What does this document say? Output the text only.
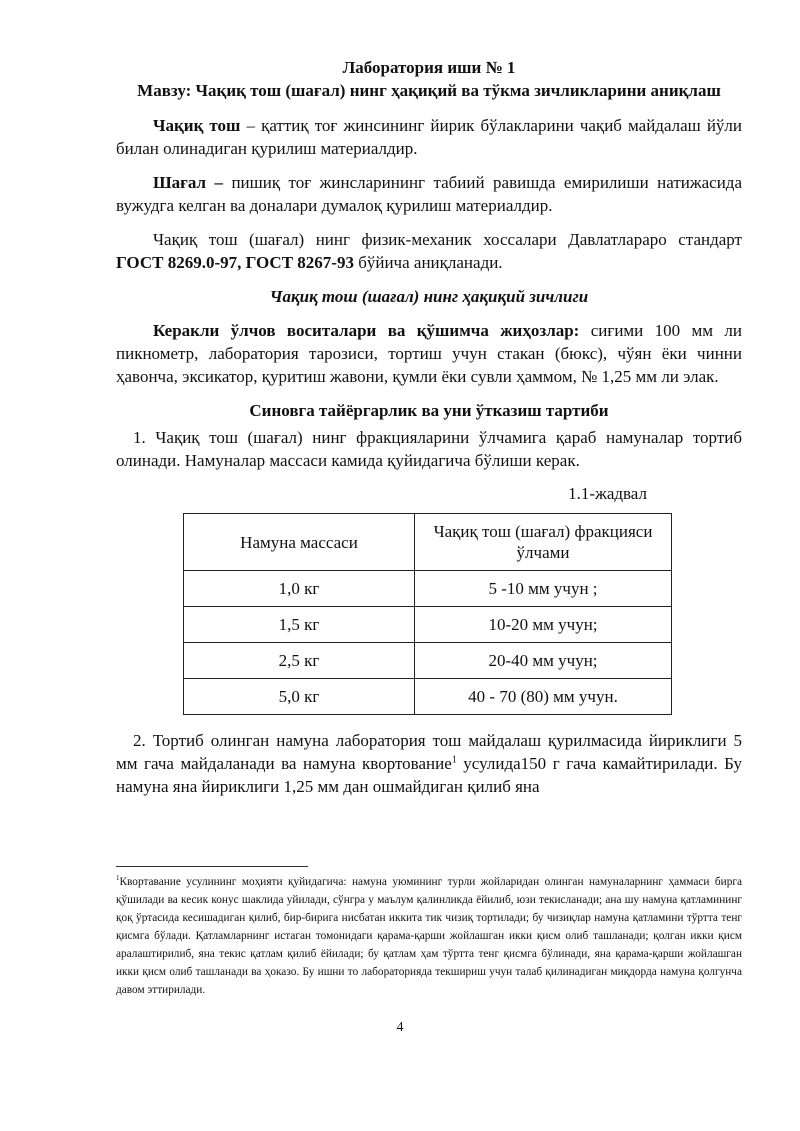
Лаборатория иши № 1

Мавзу: Чақиқ тош (шағал) нинг ҳақиқий ва тўкма зичликларини аниқлаш

Чақиқ тош – қаттиқ тоғ жинсининг йирик бўлакларини чақиб майдалаш йўли билан олинадиган қурилиш материалдир.

Шағал – пишиқ тоғ жинсларининг табиий равишда емирилиши натижасида вужудга келган ва доналари думалоқ қурилиш материалдир.

Чақиқ тош (шағал) нинг физик-механик хоссалари Давлатлараро стандарт ГОСТ 8269.0-97, ГОСТ 8267-93 бўйича аниқланади.

Чақиқ тош (шағал) нинг ҳақиқий зичлиги

Керакли ўлчов воситалари ва қўшимча жиҳозлар: сиғими 100 мм ли пикнометр, лаборатория тарозиси, тортиш учун стакан (бюкс), чўян ёки чинни ҳавонча, эксикатор, қуритиш жавони, қумли ёки сувли ҳаммом, № 1,25 мм ли элак.

Синовга тайёргарлик ва уни ўтказиш тартиби

1. Чақиқ тош (шағал) нинг фракцияларини ўлчамига қараб намуналар тортиб олинади. Намуналар массаси камида қуйидагича бўлиши керак.

1.1-жадвал

Намуна массаси	Чақиқ тош (шағал) фракцияси ўлчами
1,0 кг	5 -10 мм учун ;
1,5 кг	10-20 мм учун;
2,5 кг	20-40 мм учун;
5,0 кг	40 - 70 (80) мм учун.

2. Тортиб олинган намуна лаборатория тош майдалаш қурилмасида йириклиги 5 мм гача майдаланади ва намуна квортование$^1$ усулида150 г гача камайтирилади. Бу намуна яна йириклиги 1,25 мм дан ошмайдиган қилиб яна

$^1$Квортавание усулининг моҳияти қуйидагича: намуна уюмининг турли жойларидан олинган намуналарнинг ҳаммаси бирга қўшилади ва кесик конус шаклида уйилади, сўнгра у маълум қалинликда ёйилиб, юзи текисланади; ана шу намуна қатламининг қоқ ўртасида кесишадиган қилиб, бир-бирига нисбатан иккита тик чизиқ тортилади; бу чизиқлар намуна қатламини тўртта тенг қисмга бўлади. Қатламларнинг истаган томонидаги қарама-қарши жойлашган икки қисм олиб ташланади; қолган икки қисм аралаштирилиб, яна текис қатлам қилиб ёйилади; бу қатлам ҳам тўртта тенг қисмга бўлинади, яна қарама-қарши жойлашган икки қисм олиб ташланади ва ҳоказо. Бу ишни то лабораторияда текшириш учун талаб қилинадиган миқдорда намуна қолгунча давом эттирилади.

4
